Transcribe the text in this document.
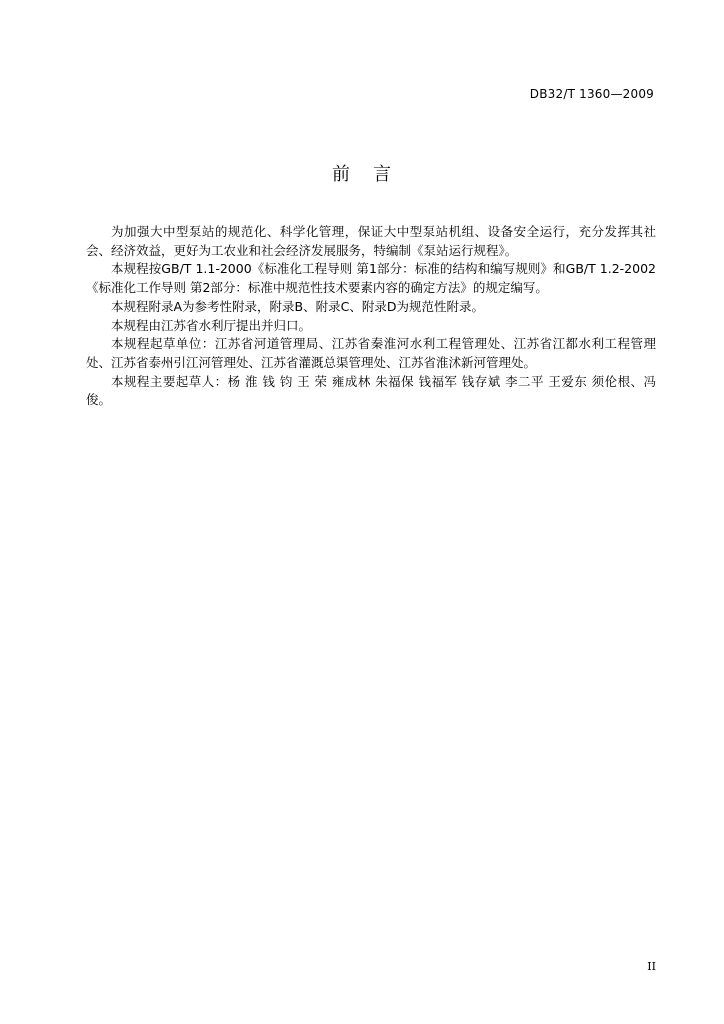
DB32/T 1360—2009
前 言

为加强大中型泵站的规范化、科学化管理，保证大中型泵站机组、设备安全运行，充分发挥其社会、经济效益，更好为工农业和社会经济发展服务，特编制《泵站运行规程》。

本规程按GB/T 1.1-2000《标准化工程导则 第1部分：标准的结构和编写规则》和GB/T 1.2-2002《标准化工作导则 第2部分：标准中规范性技术要素内容的确定方法》的规定编写。

本规程附录A为参考性附录，附录B、附录C、附录D为规范性附录。

本规程由江苏省水利厅提出并归口。

本规程起草单位：江苏省河道管理局、江苏省秦淮河水利工程管理处、江苏省江都水利工程管理处、江苏省泰州引江河管理处、江苏省灌溉总渠管理处、江苏省淮沭新河管理处。

本规程主要起草人：杨 淮 钱 钧 王 荣 雍成林 朱福保 钱福军 钱存斌 李二平 王爱东 须伦根、冯 俊。

II
